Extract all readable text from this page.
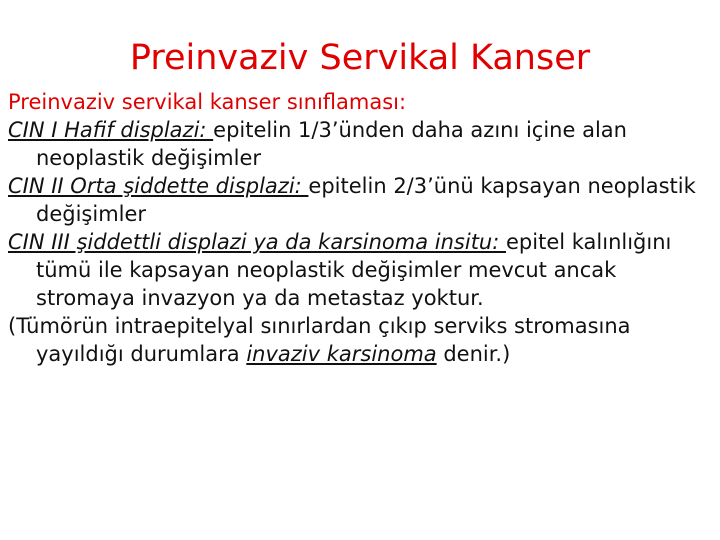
Preinvaziv Servikal Kanser

Preinvaziv servikal kanser sınıflaması:

CIN I Hafif displazi: epitelin 1/3’ünden daha azını içine alan neoplastik değişimler

CIN II Orta şiddette displazi: epitelin 2/3’ünü kapsayan neoplastik değişimler

CIN III şiddettli displazi ya da karsinoma insitu: epitel kalınlığını tümü ile kapsayan neoplastik değişimler mevcut ancak stromaya invazyon ya da metastaz yoktur.

(Tümörün intraepitelyal sınırlardan çıkıp serviks stromasına yayıldığı durumlara invaziv karsinoma denir.)
